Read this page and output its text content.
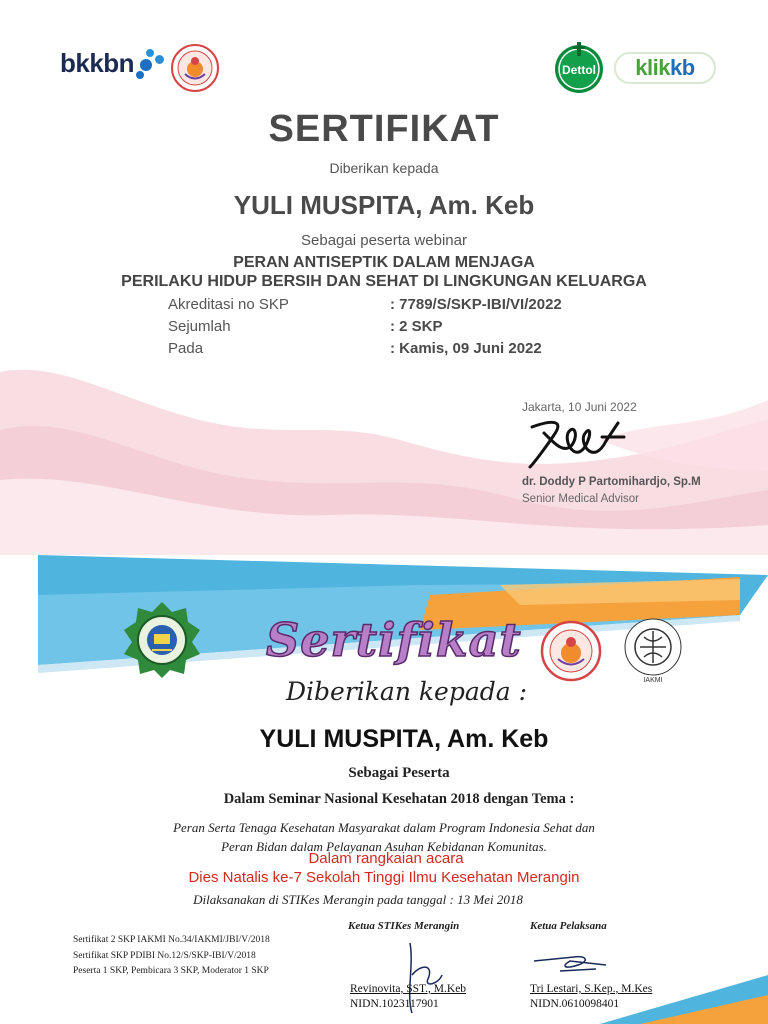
bkkbn	Dettol klik kb
SERTIFIKAT
Diberikan kepada
YULI MUSPITA, Am. Keb
Sebagai peserta webinar
PERAN ANTISEPTIK DALAM MENJAGA
PERILAKU HIDUP BERSIH DAN SEHAT DI LINGKUNGAN KELUARGA
Akreditasi no SKP	: 7789/S/SKP-IBI/VI/2022
Sejumlah	: 2 SKP
Pada	: Kamis, 09 Juni 2022
Jakarta, 10 Juni 2022
dr. Doddy P Partomihardjo, Sp.M
Senior Medical Advisor
Sertifikat
IAKMI
Diberikan kepada :
YULI MUSPITA, Am. Keb
Sebagai Peserta
Dalam Seminar Nasional Kesehatan 2018 dengan Tema :
Peran Serta Tenaga Kesehatan Masyarakat dalam Program Indonesia Sehat dan
Peran Bidan dalam Pelayanan Asuhan Kebidanan Komunitas.
Dalam rangkaian acara
Dies Natalis ke-7 Sekolah Tinggi Ilmu Kesehatan Merangin
Dilaksanakan di STIKes Merangin pada tanggal : 13 Mei 2018
Sertifikat 2 SKP IAKMI No.34/IAKMI/JBI/V/2018
Sertifikat SKP PDIBI No.12/S/SKP-IBI/V/2018
Peserta 1 SKP, Pembicara 3 SKP, Moderator 1 SKP
Ketua STIKes Merangin	Ketua Pelaksana
Revinovita, SST., M.Keb
NIDN.1023117901
Tri Lestari, S.Kep., M.Kes
NIDN.0610098401
